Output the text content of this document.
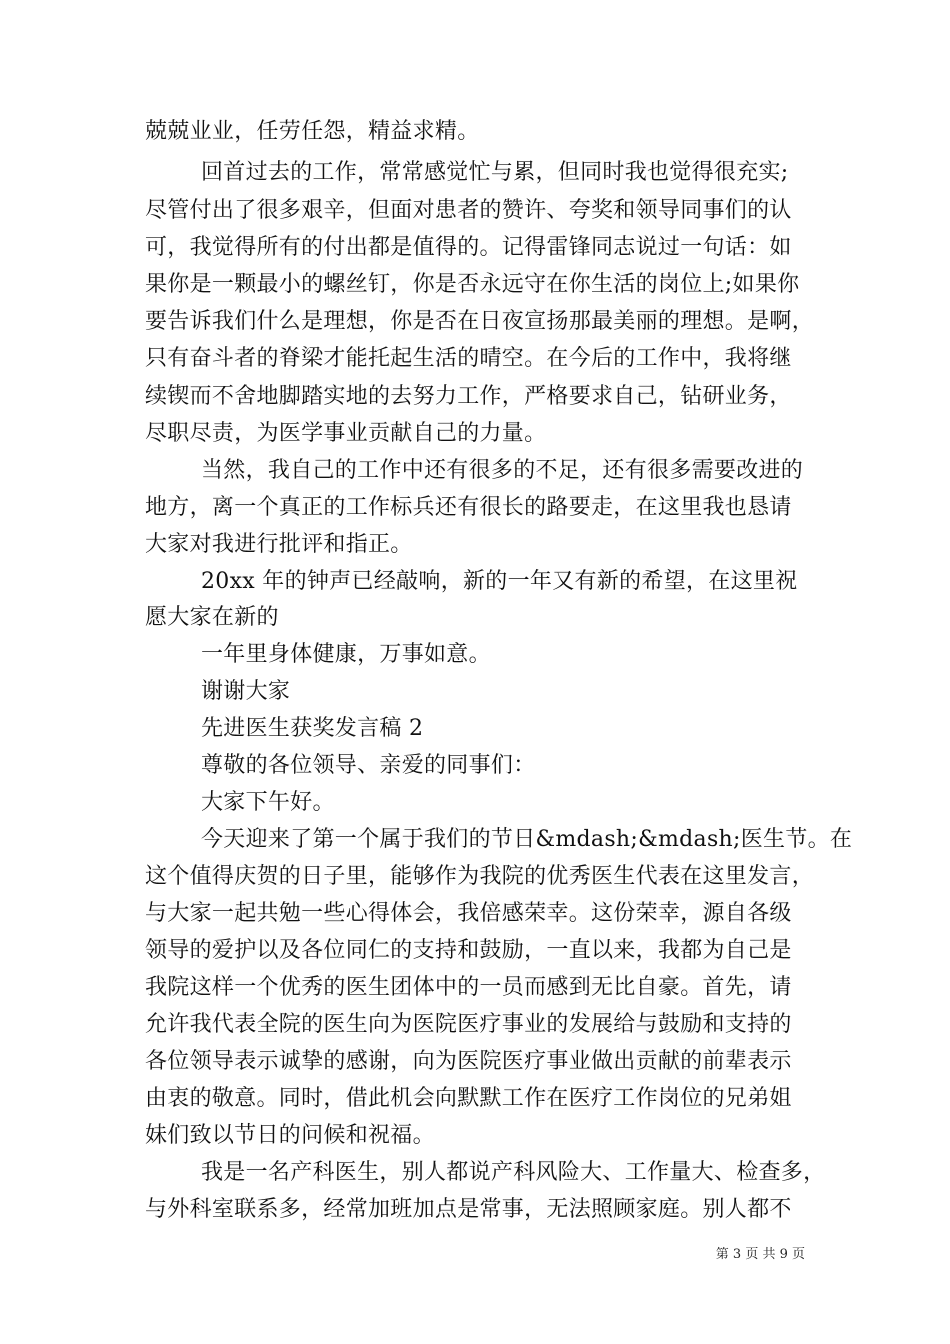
兢兢业业，任劳任怨，精益求精。
回首过去的工作，常常感觉忙与累，但同时我也觉得很充实;
尽管付出了很多艰辛，但面对患者的赞许、夸奖和领导同事们的认
可，我觉得所有的付出都是值得的。记得雷锋同志说过一句话：如
果你是一颗最小的螺丝钉，你是否永远守在你生活的岗位上;如果你
要告诉我们什么是理想，你是否在日夜宣扬那最美丽的理想。是啊，
只有奋斗者的脊梁才能托起生活的晴空。在今后的工作中，我将继
续锲而不舍地脚踏实地的去努力工作，严格要求自己，钻研业务，
尽职尽责，为医学事业贡献自己的力量。
当然，我自己的工作中还有很多的不足，还有很多需要改进的
地方，离一个真正的工作标兵还有很长的路要走，在这里我也恳请
大家对我进行批评和指正。
20xx 年的钟声已经敲响，新的一年又有新的希望，在这里祝
愿大家在新的
一年里身体健康，万事如意。
谢谢大家
先进医生获奖发言稿 2
尊敬的各位领导、亲爱的同事们：
大家下午好。
今天迎来了第一个属于我们的节日&mdash;&mdash;医生节。在
这个值得庆贺的日子里，能够作为我院的优秀医生代表在这里发言，
与大家一起共勉一些心得体会，我倍感荣幸。这份荣幸，源自各级
领导的爱护以及各位同仁的支持和鼓励，一直以来，我都为自己是
我院这样一个优秀的医生团体中的一员而感到无比自豪。首先，请
允许我代表全院的医生向为医院医疗事业的发展给与鼓励和支持的
各位领导表示诚挚的感谢，向为医院医疗事业做出贡献的前辈表示
由衷的敬意。同时，借此机会向默默工作在医疗工作岗位的兄弟姐
妹们致以节日的问候和祝福。
我是一名产科医生，别人都说产科风险大、工作量大、检查多，
与外科室联系多，经常加班加点是常事，无法照顾家庭。别人都不
第 3 页 共 9 页
